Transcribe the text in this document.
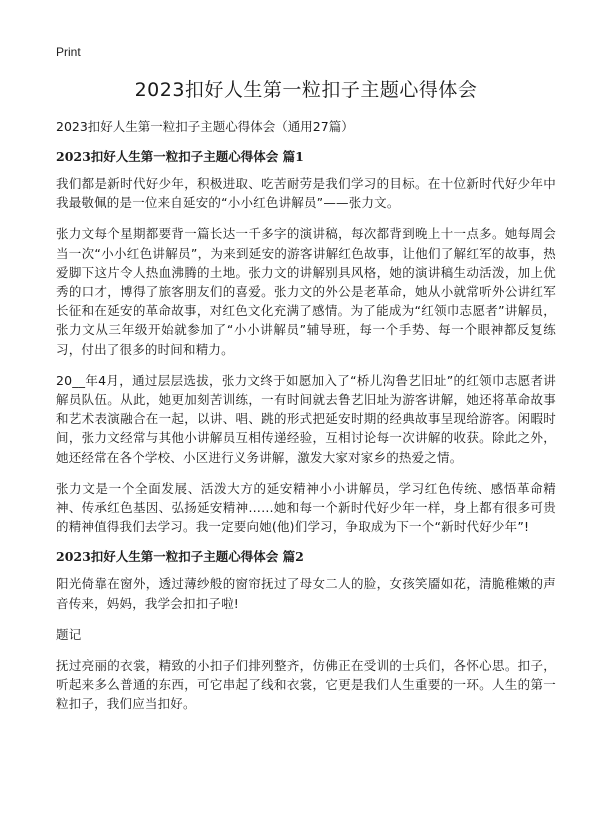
Print
2023扣好人生第一粒扣子主题心得体会

2023扣好人生第一粒扣子主题心得体会（通用27篇）

2023扣好人生第一粒扣子主题心得体会 篇1

我们都是新时代好少年，积极进取、吃苦耐劳是我们学习的目标。在十位新时代好少年中我最敬佩的是一位来自延安的“小小红色讲解员”——张力文。

张力文每个星期都要背一篇长达一千多字的演讲稿，每次都背到晚上十一点多。她每周会当一次“小小红色讲解员”，为来到延安的游客讲解红色故事，让他们了解红军的故事，热爱脚下这片令人热血沸腾的土地。张力文的讲解别具风格，她的演讲稿生动活泼，加上优秀的口才，博得了旅客朋友们的喜爱。张力文的外公是老革命，她从小就常听外公讲红军长征和在延安的革命故事，对红色文化充满了感情。为了能成为“红领巾志愿者”讲解员，张力文从三年级开始就参加了“小小讲解员”辅导班，每一个手势、每一个眼神都反复练习，付出了很多的时间和精力。

20__年4月，通过层层选拔，张力文终于如愿加入了“桥儿沟鲁艺旧址”的红领巾志愿者讲解员队伍。从此，她更加刻苦训练，一有时间就去鲁艺旧址为游客讲解，她还将革命故事和艺术表演融合在一起，以讲、唱、跳的形式把延安时期的经典故事呈现给游客。闲暇时间，张力文经常与其他小讲解员互相传递经验，互相讨论每一次讲解的收获。除此之外，她还经常在各个学校、小区进行义务讲解，激发大家对家乡的热爱之情。

张力文是一个全面发展、活泼大方的延安精神小小讲解员，学习红色传统、感悟革命精神、传承红色基因、弘扬延安精神……她和每一个新时代好少年一样，身上都有很多可贵的精神值得我们去学习。我一定要向她(他)们学习，争取成为下一个“新时代好少年”!

2023扣好人生第一粒扣子主题心得体会 篇2

阳光倚靠在窗外，透过薄纱般的窗帘抚过了母女二人的脸，女孩笑靥如花，清脆稚嫩的声音传来，妈妈，我学会扣扣子啦!

题记

抚过亮丽的衣裳，精致的小扣子们排列整齐，仿佛正在受训的士兵们，各怀心思。扣子，听起来多么普通的东西，可它串起了线和衣裳，它更是我们人生重要的一环。人生的第一粒扣子，我们应当扣好。
